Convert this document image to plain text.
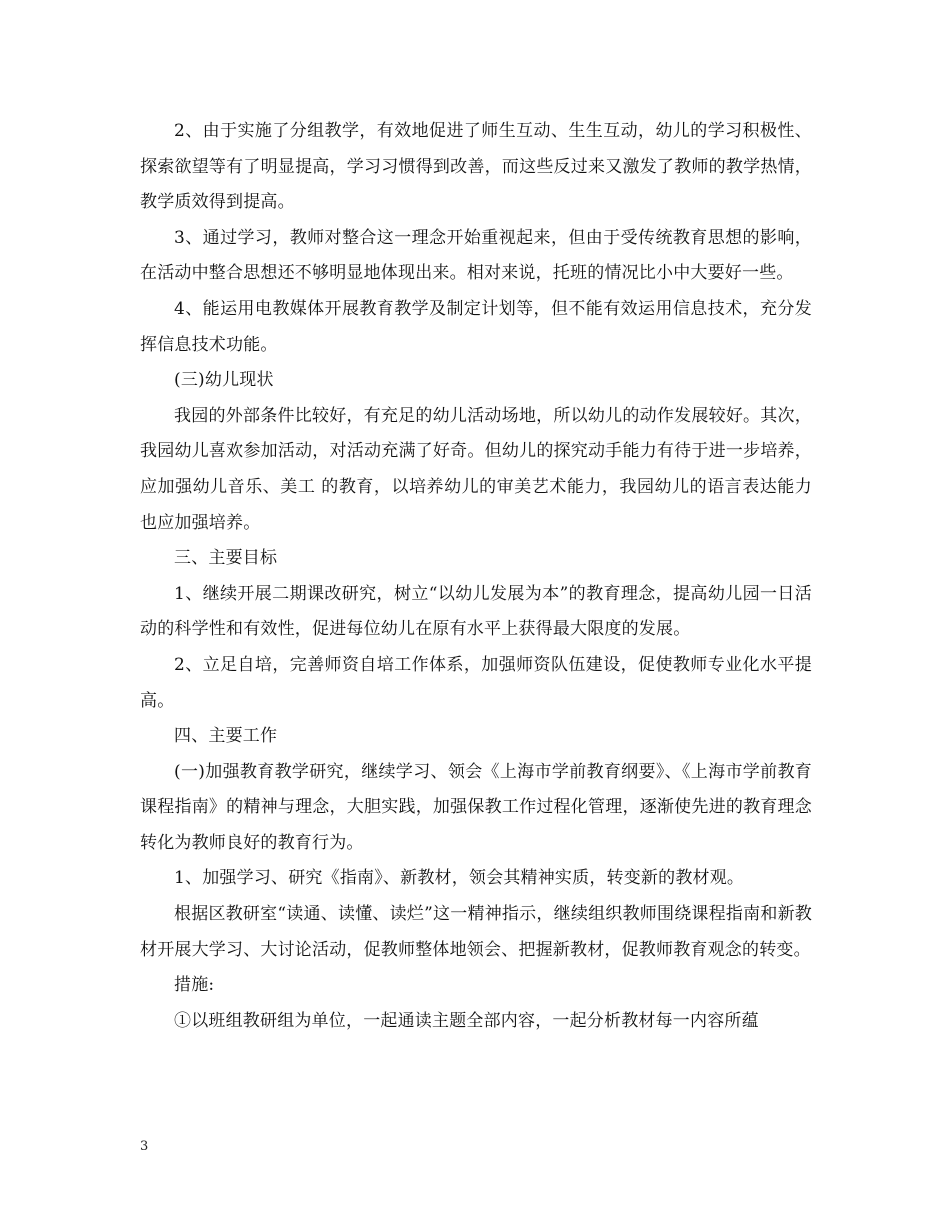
2、由于实施了分组教学，有效地促进了师生互动、生生互动，幼儿的学习积极性、探索欲望等有了明显提高，学习习惯得到改善，而这些反过来又激发了教师的教学热情，教学质效得到提高。

3、通过学习，教师对整合这一理念开始重视起来，但由于受传统教育思想的影响，在活动中整合思想还不够明显地体现出来。相对来说，托班的情况比小中大要好一些。

4、能运用电教媒体开展教育教学及制定计划等，但不能有效运用信息技术，充分发挥信息技术功能。

(三)幼儿现状

我园的外部条件比较好，有充足的幼儿活动场地，所以幼儿的动作发展较好。其次，我园幼儿喜欢参加活动，对活动充满了好奇。但幼儿的探究动手能力有待于进一步培养，应加强幼儿音乐、美工 的教育，以培养幼儿的审美艺术能力，我园幼儿的语言表达能力也应加强培养。

三、主要目标

1、继续开展二期课改研究，树立“以幼儿发展为本”的教育理念，提高幼儿园一日活动的科学性和有效性，促进每位幼儿在原有水平上获得最大限度的发展。

2、立足自培，完善师资自培工作体系，加强师资队伍建设，促使教师专业化水平提高。

四、主要工作

(一)加强教育教学研究，继续学习、领会《上海市学前教育纲要》、《上海市学前教育课程指南》的精神与理念，大胆实践，加强保教工作过程化管理，逐渐使先进的教育理念转化为教师良好的教育行为。

1、加强学习、研究《指南》、新教材，领会其精神实质，转变新的教材观。

根据区教研室“读通、读懂、读烂”这一精神指示，继续组织教师围绕课程指南和新教材开展大学习、大讨论活动，促教师整体地领会、把握新教材，促教师教育观念的转变。

措施:

①以班组教研组为单位，一起通读主题全部内容，一起分析教材每一内容所蕴

3
